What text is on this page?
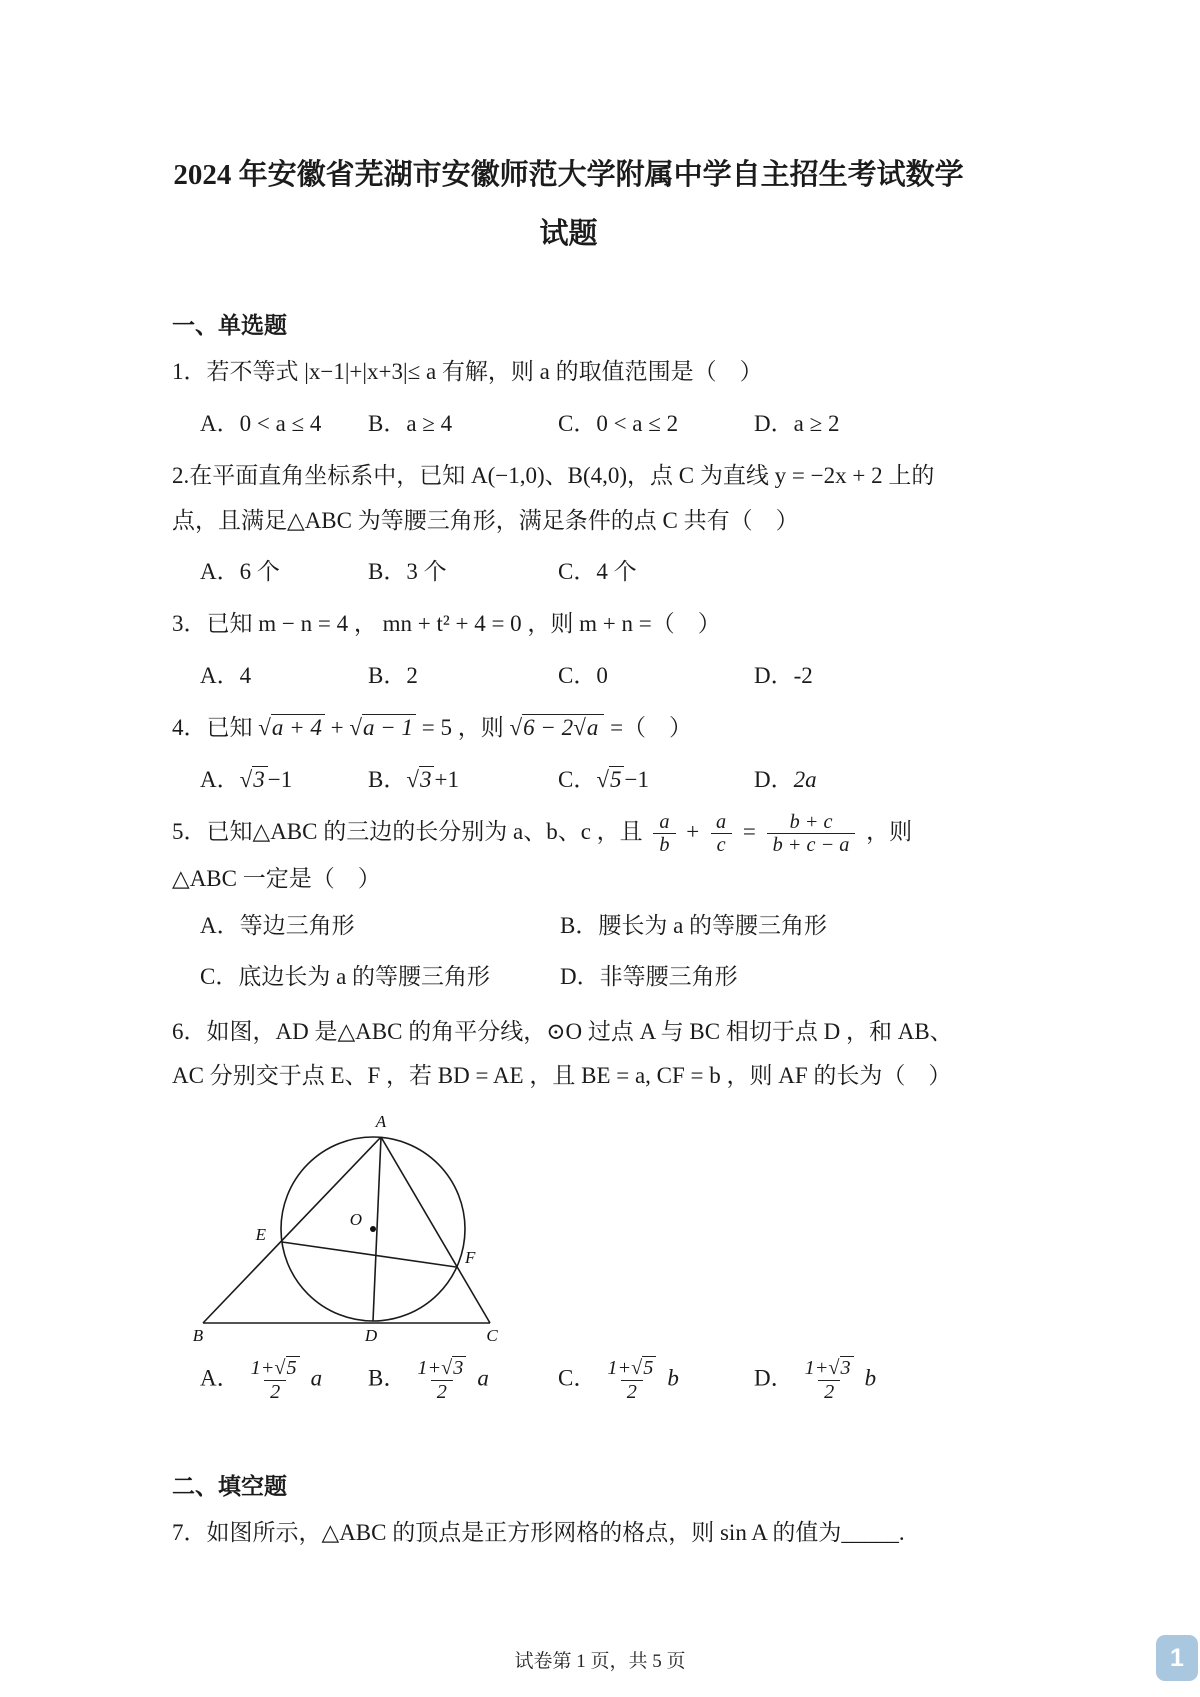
2024 年安徽省芜湖市安徽师范大学附属中学自主招生考试数学
试题
一、单选题

1．若不等式 |x−1|+|x+3|≤ a 有解，则 a 的取值范围是（　）

A．0 < a ≤ 4	B．a ≥ 4	C．0 < a ≤ 2	D．a ≥ 2

2.在平面直角坐标系中，已知 A(−1,0)、B(4,0)，点 C 为直线 y = −2x + 2 上的点，且满足△ABC 为等腰三角形，满足条件的点 C 共有（　）

A．6 个	B．3 个	C．4 个

3．已知 m − n = 4 ， mn + t² + 4 = 0 ，则 m + n =（　）

A．4	B．2	C．0	D．-2

4．已知 √a + 4 + √a − 1 = 5 ，则 √6 − 2√a =（　）

A．√3 −1	B．√3 +1	C．√5 −1	D．2a

5．已知△ABC 的三边的长分别为 a、b、c ，且 $\frac{a}{b} + \frac{a}{c} = \frac{b + c}{b + c - a}$ ，则△ABC 一定是（　）

A．等边三角形	B．腰长为 a 的等腰三角形
C．底边长为 a 的等腰三角形	D．非等腰三角形

6．如图，AD 是△ABC 的角平分线，⊙O 过点 A 与 BC 相切于点 D ，和 AB、AC 分别交于点 E、F ，若 BD = AE ，且 BE = a, CF = b ，则 AF 的长为（　）

A
E
O
F
B	D	C
A． $\frac{1+√5}{2}$ a	B． $\frac{1+√3}{2}$ a	C． $\frac{1+√5}{2}$ b	D． $\frac{1+√3}{2}$ b
二、填空题

7．如图所示，△ABC 的顶点是正方形网格的格点，则 sin A 的值为_____.

试卷第 1 页，共 5 页	1
